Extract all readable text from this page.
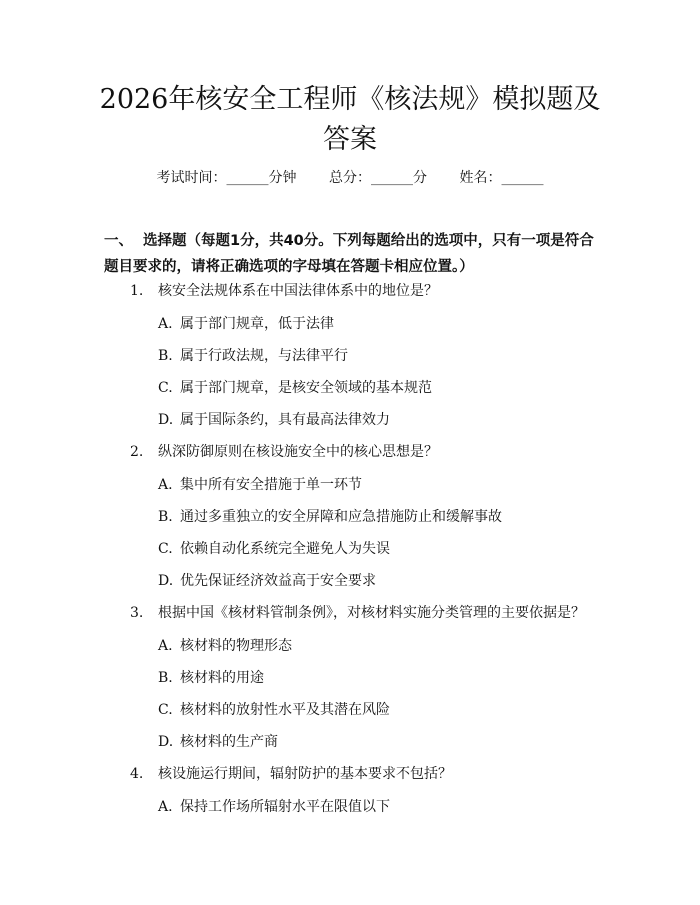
2026年核安全工程师《核法规》模拟题及答案
考试时间：______分钟 总分：______分 姓名：______

一、 选择题（每题1分，共40分。下列每题给出的选项中，只有一项是符合题目要求的，请将正确选项的字母填在答题卡相应位置。）

1. 核安全法规体系在中国法律体系中的地位是？
A. 属于部门规章，低于法律
B. 属于行政法规，与法律平行
C. 属于部门规章，是核安全领域的基本规范
D. 属于国际条约，具有最高法律效力
2. 纵深防御原则在核设施安全中的核心思想是？
A. 集中所有安全措施于单一环节
B. 通过多重独立的安全屏障和应急措施防止和缓解事故
C. 依赖自动化系统完全避免人为失误
D. 优先保证经济效益高于安全要求
3. 根据中国《核材料管制条例》，对核材料实施分类管理的主要依据是？
A. 核材料的物理形态
B. 核材料的用途
C. 核材料的放射性水平及其潜在风险
D. 核材料的生产商
4. 核设施运行期间，辐射防护的基本要求不包括？
A. 保持工作场所辐射水平在限值以下
